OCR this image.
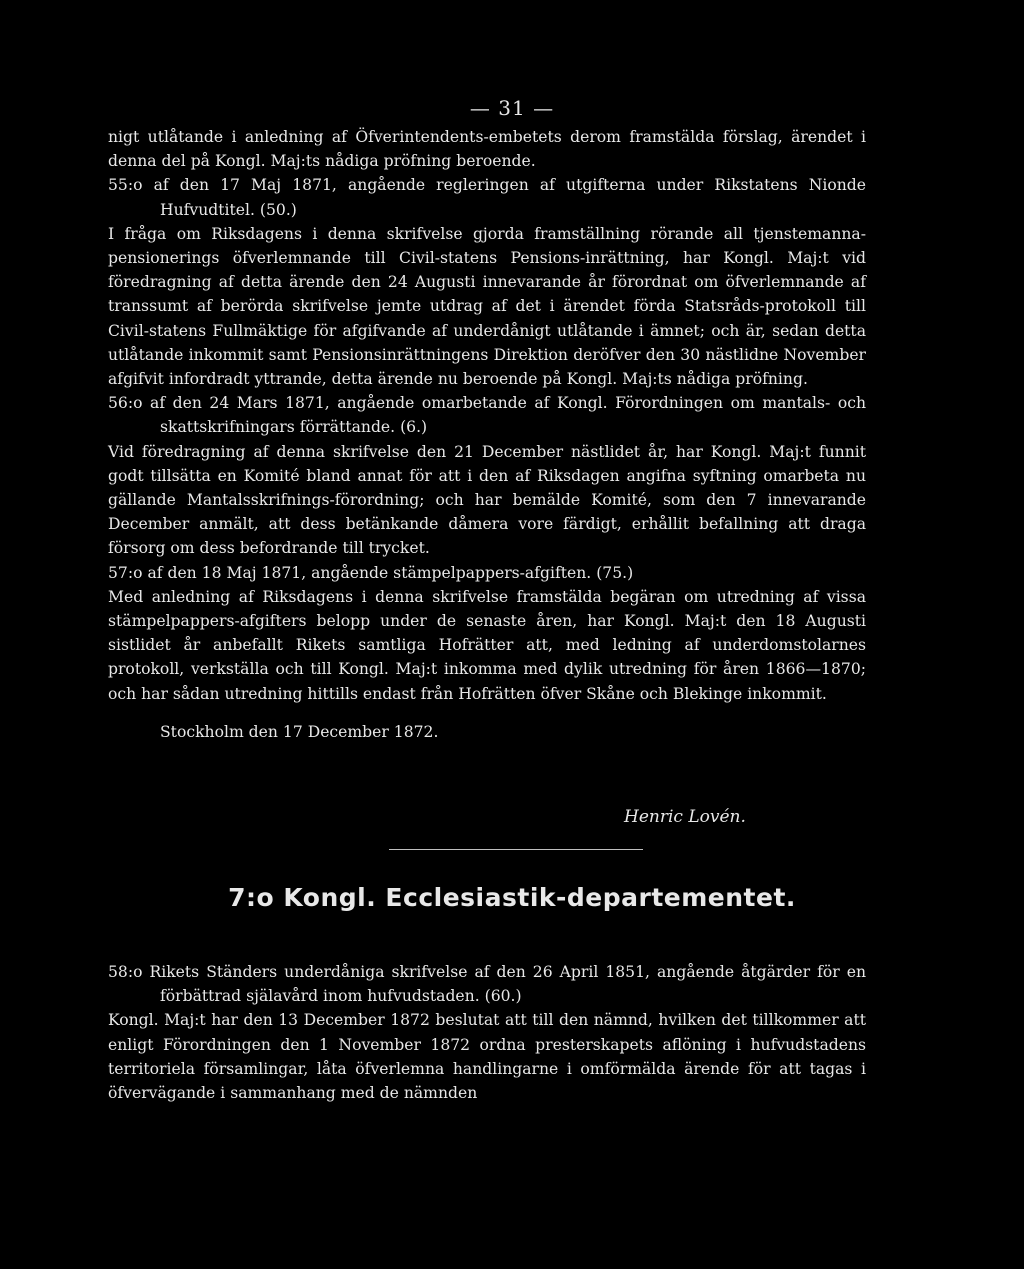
— 31 —

nigt utlåtande i anledning af Öfverintendents-embetets derom framstälda förslag, ärendet i denna del på Kongl. Maj:ts nådiga pröfning beroende.

55:o af den 17 Maj 1871, angående regleringen af utgifterna under Rikstatens Nionde Hufvudtitel. (50.)

I fråga om Riksdagens i denna skrifvelse gjorda framställning rörande all tjenstemanna-pensionerings öfverlemnande till Civil-statens Pensions-inrättning, har Kongl. Maj:t vid föredragning af detta ärende den 24 Augusti innevarande år förordnat om öfverlemnande af transsumt af berörda skrifvelse jemte utdrag af det i ärendet förda Statsråds-protokoll till Civil-statens Fullmäktige för afgifvande af underdånigt utlåtande i ämnet; och är, sedan detta utlåtande inkommit samt Pensionsinrättningens Direktion deröfver den 30 nästlidne November afgifvit infordradt yttrande, detta ärende nu beroende på Kongl. Maj:ts nådiga pröfning.

56:o af den 24 Mars 1871, angående omarbetande af Kongl. Förordningen om mantals- och skattskrifningars förrättande. (6.)

Vid föredragning af denna skrifvelse den 21 December nästlidet år, har Kongl. Maj:t funnit godt tillsätta en Komité bland annat för att i den af Riksdagen angifna syftning omarbeta nu gällande Mantalsskrifnings-förordning; och har bemälde Komité, som den 7 innevarande December anmält, att dess betänkande dåmera vore färdigt, erhållit befallning att draga försorg om dess befordrande till trycket.

57:o af den 18 Maj 1871, angående stämpelpappers-afgiften. (75.)

Med anledning af Riksdagens i denna skrifvelse framstälda begäran om utredning af vissa stämpelpappers-afgifters belopp under de senaste åren, har Kongl. Maj:t den 18 Augusti sistlidet år anbefallt Rikets samtliga Hofrätter att, med ledning af underdomstolarnes protokoll, verkställa och till Kongl. Maj:t inkomma med dylik utredning för åren 1866—1870; och har sådan utredning hittills endast från Hofrätten öfver Skåne och Blekinge inkommit.

Stockholm den 17 December 1872.

Henric Lovén.
7:o Kongl. Ecclesiastik-departementet.

58:o Rikets Ständers underdåniga skrifvelse af den 26 April 1851, angående åtgärder för en förbättrad själavård inom hufvudstaden. (60.)

Kongl. Maj:t har den 13 December 1872 beslutat att till den nämnd, hvilken det tillkommer att enligt Förordningen den 1 November 1872 ordna presterskapets aflöning i hufvudstadens territoriela församlingar, låta öfverlemna handlingarne i omförmälda ärende för att tagas i öfvervägande i sammanhang med de nämnden
